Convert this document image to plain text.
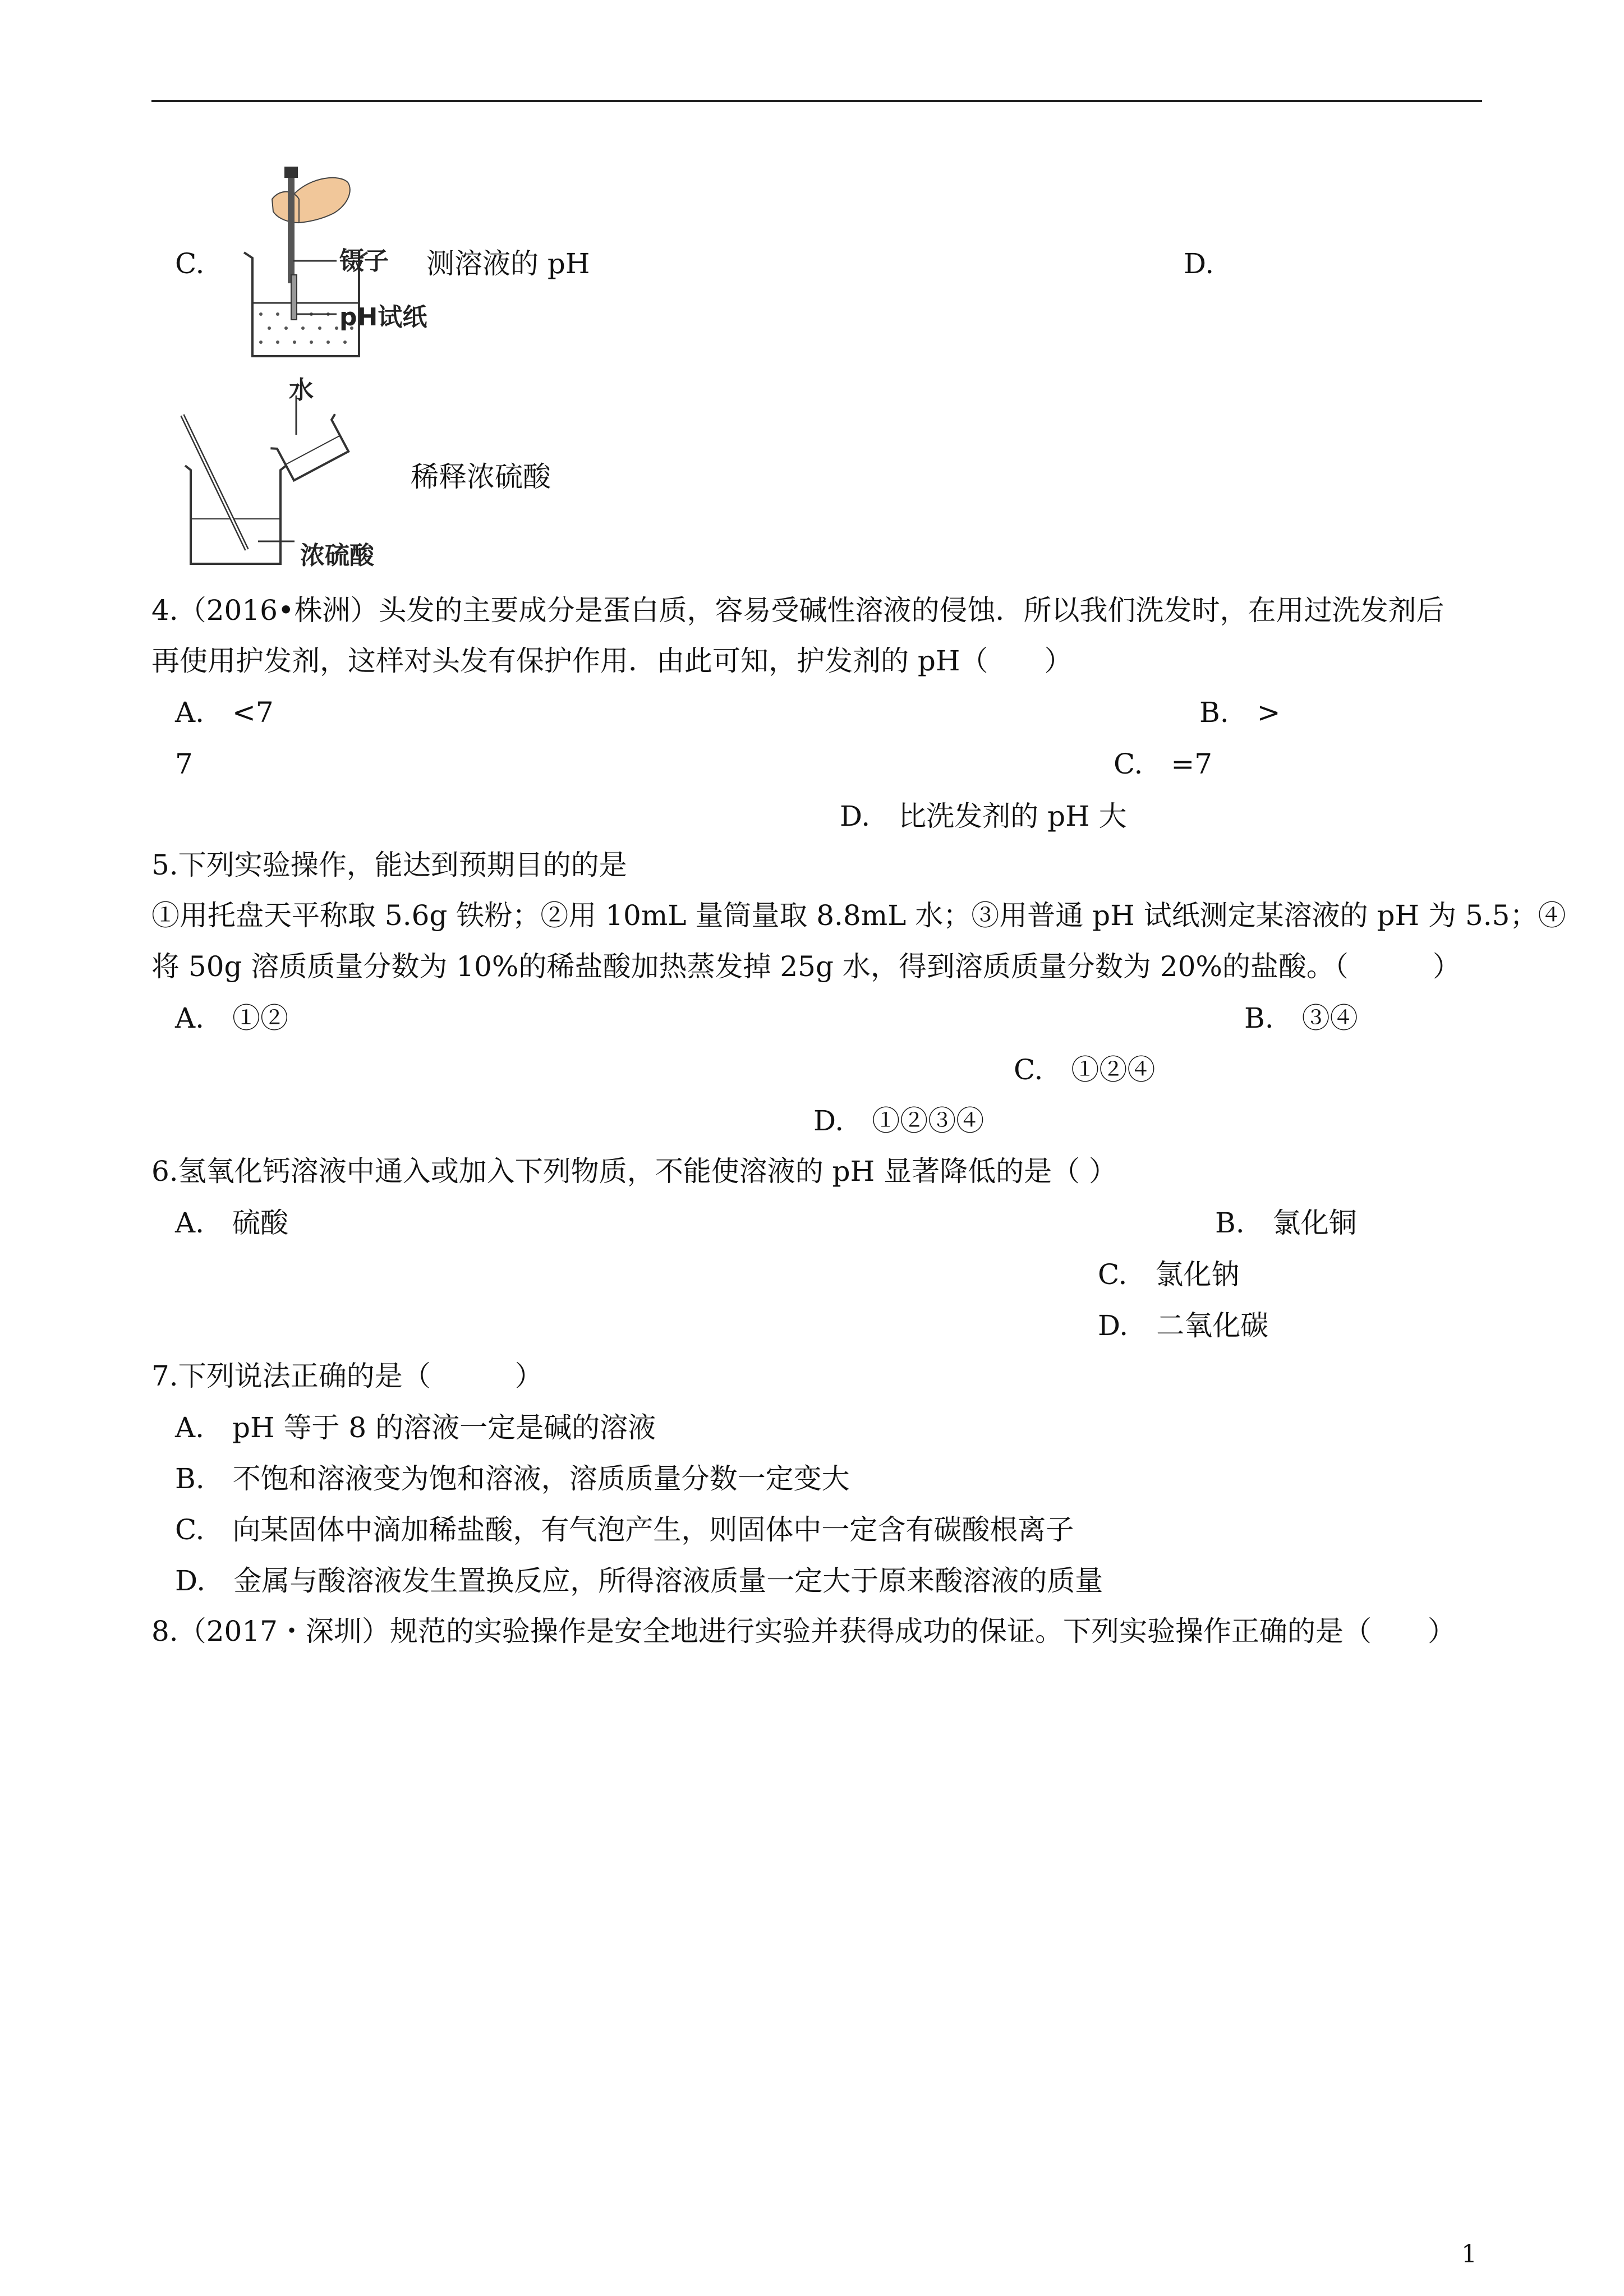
C.	镊子
pH试纸
测溶液的 pH	D.
水
浓硫酸
稀释浓硫酸
4.（2016•株洲）头发的主要成分是蛋白质，容易受碱性溶液的侵蚀．所以我们洗发时，在用过洗发剂后
再使用护发剂，这样对头发有保护作用．由此可知，护发剂的 pH（　　）
A.　<7	B.　>
7	C.　=7
D.　比洗发剂的 pH 大
5.下列实验操作，能达到预期目的的是
①用托盘天平称取 5.6g 铁粉；②用 10mL 量筒量取 8.8mL 水；③用普通 pH 试纸测定某溶液的 pH 为 5.5；④
将 50g 溶质质量分数为 10%的稀盐酸加热蒸发掉 25g 水，得到溶质质量分数为 20%的盐酸。（　　　）
A.　①②	B.　③④
C.　①②④
D.　①②③④
6.氢氧化钙溶液中通入或加入下列物质，不能使溶液的 pH 显著降低的是（ ）
A.　硫酸	B.　氯化铜
C.　氯化钠
D.　二氧化碳
7.下列说法正确的是（　　　）
A.　pH 等于 8 的溶液一定是碱的溶液
B.　不饱和溶液变为饱和溶液，溶质质量分数一定变大
C.　向某固体中滴加稀盐酸，有气泡产生，则固体中一定含有碳酸根离子
D.　金属与酸溶液发生置换反应，所得溶液质量一定大于原来酸溶液的质量
8.（2017・深圳）规范的实验操作是安全地进行实验并获得成功的保证。下列实验操作正确的是（　　）
1
